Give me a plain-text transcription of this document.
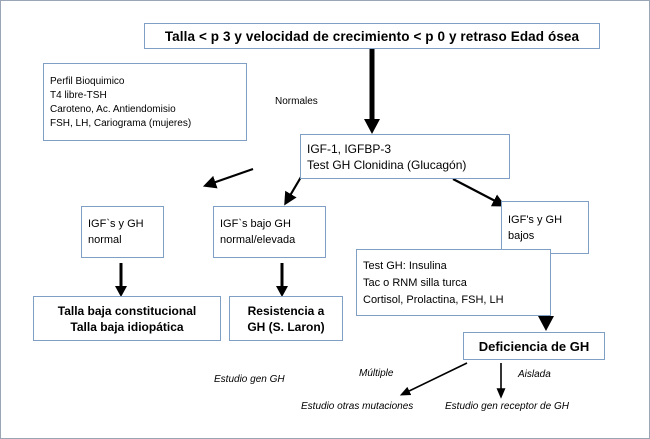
Talla < p 3 y velocidad de crecimiento < p 0 y retraso Edad ósea
Perfil Bioquimico
T4 libre-TSH
Caroteno, Ac. Antiendomisio
FSH, LH, Cariograma (mujeres)
Normales
IGF-1, IGFBP-3
Test GH Clonidina (Glucagón)
IGF`s y GH
normal
IGF`s bajo GH
normal/elevada
IGF's y GH
bajos
Test GH: Insulina
Tac o RNM silla turca
Cortisol, Prolactina, FSH, LH
Talla baja constitucional
Talla baja idiopática
Resistencia a
GH (S. Laron)
Deficiencia de GH
Estudio gen GH
Múltiple	Aislada
Estudio otras mutaciones	Estudio gen receptor de GH
